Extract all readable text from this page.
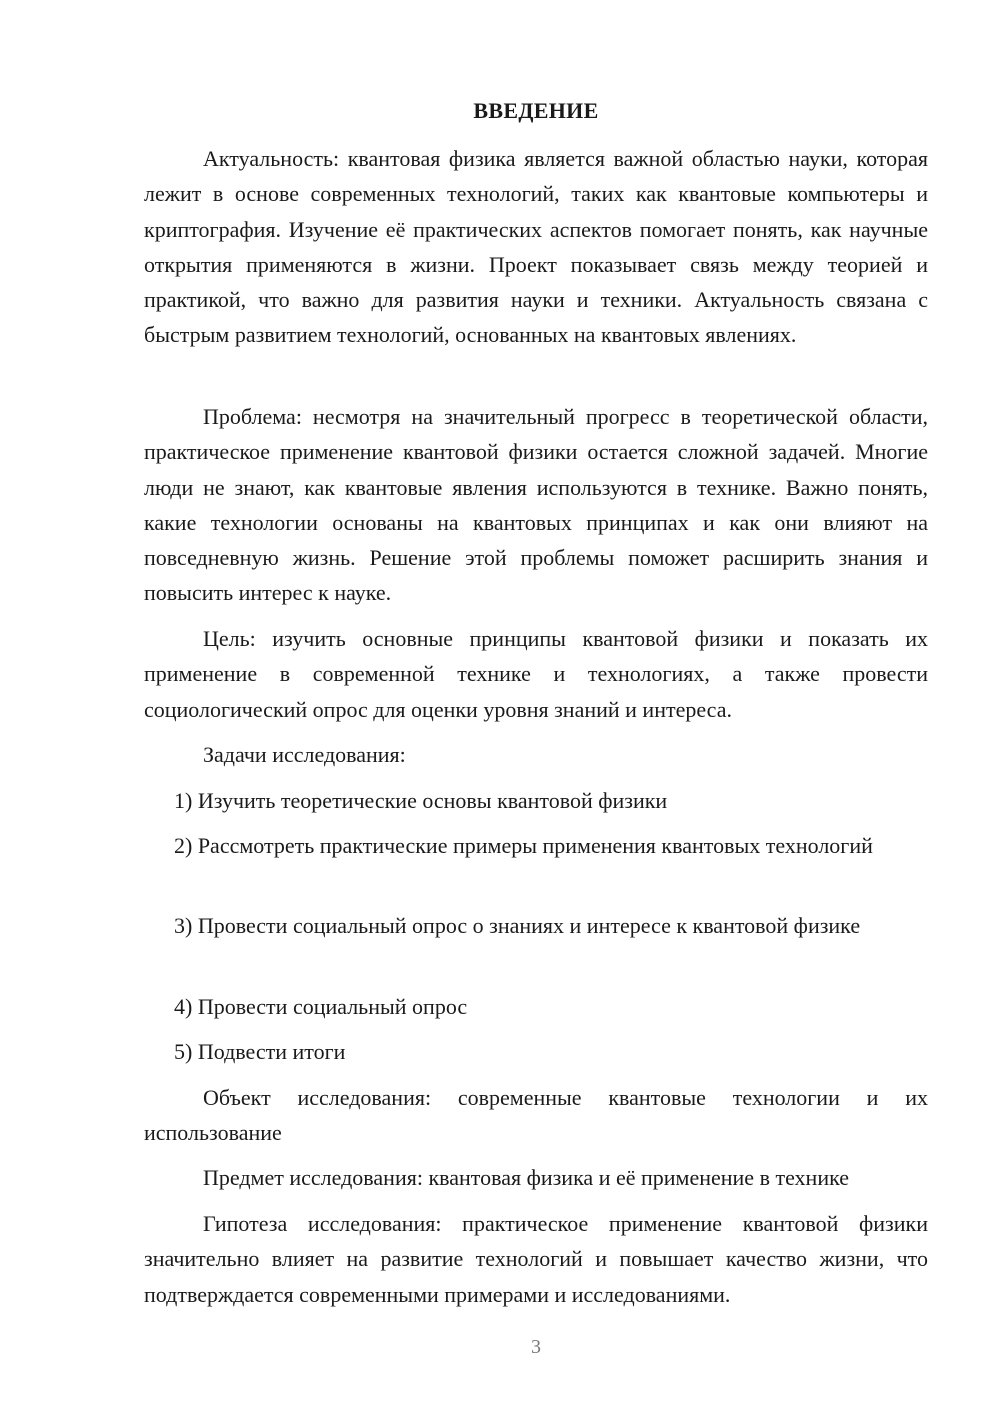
ВВЕДЕНИЕ

Актуальность: квантовая физика является важной областью науки, которая лежит в основе современных технологий, таких как квантовые компьютеры и криптография. Изучение её практических аспектов помогает понять, как научные открытия применяются в жизни. Проект показывает связь между теорией и практикой, что важно для развития науки и техники. Актуальность связана с быстрым развитием технологий, основанных на квантовых явлениях.

Проблема: несмотря на значительный прогресс в теоретической области, практическое применение квантовой физики остается сложной задачей. Многие люди не знают, как квантовые явления используются в технике. Важно понять, какие технологии основаны на квантовых принципах и как они влияют на повседневную жизнь. Решение этой проблемы поможет расширить знания и повысить интерес к науке.

Цель: изучить основные принципы квантовой физики и показать их применение в современной технике и технологиях, а также провести социологический опрос для оценки уровня знаний и интереса.

Задачи исследования:

1) Изучить теоретические основы квантовой физики

2) Рассмотреть практические примеры применения квантовых технологий

3) Провести социальный опрос о знаниях и интересе к квантовой физике

4) Провести социальный опрос

5) Подвести итоги

Объект исследования: современные квантовые технологии и их использование

Предмет исследования: квантовая физика и её применение в технике

Гипотеза исследования: практическое применение квантовой физики значительно влияет на развитие технологий и повышает качество жизни, что подтверждается современными примерами и исследованиями.

3
